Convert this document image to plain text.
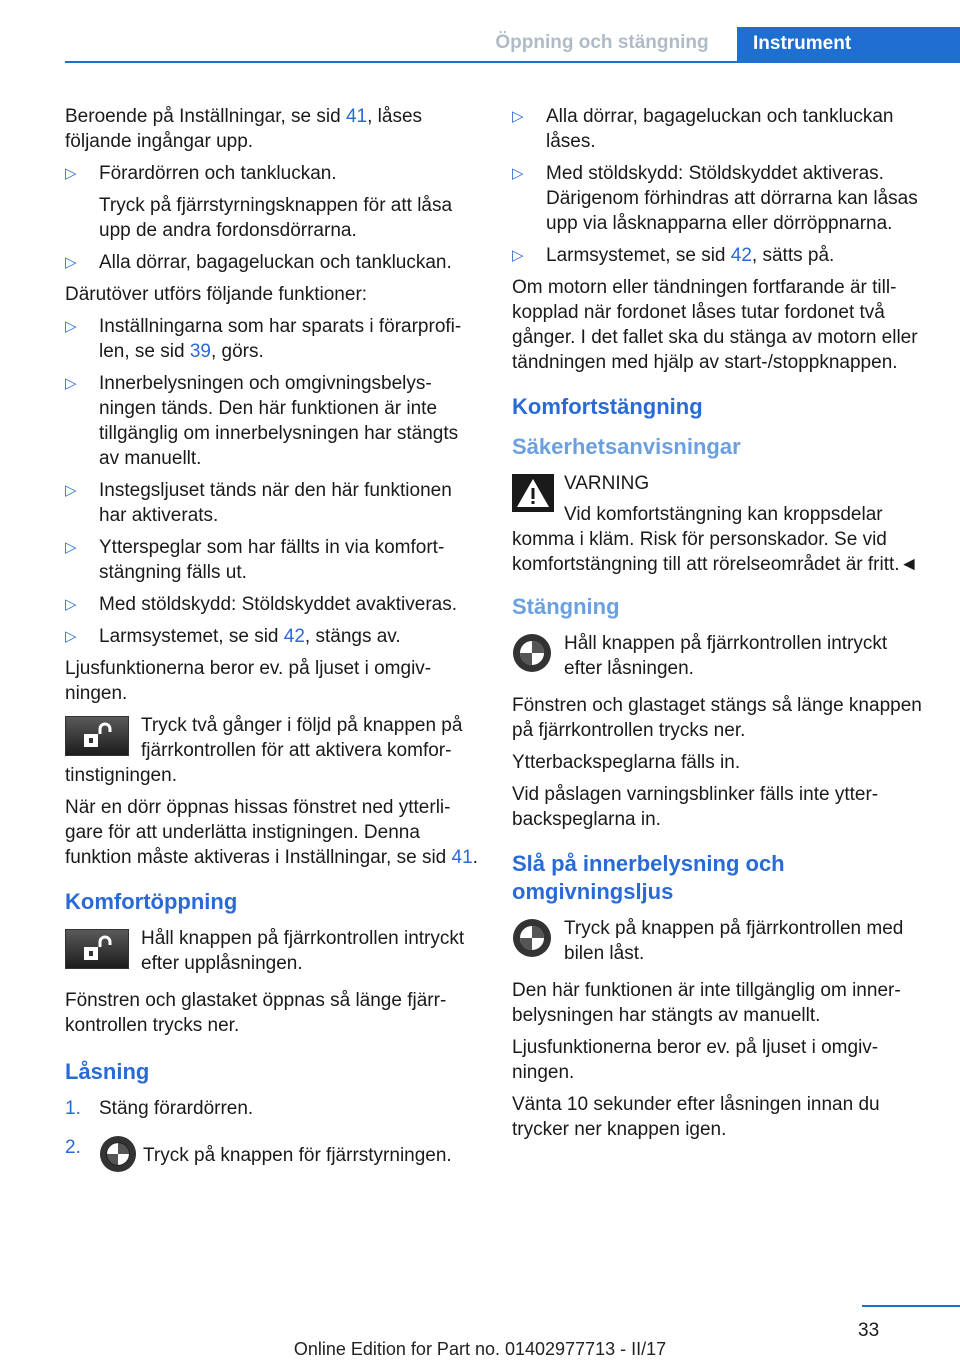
Öppning och stängning	Instrument

Beroende på Inställningar, se sid 41, låses följande ingångar upp.

▷ Förardörren och tankluckan.
Tryck på fjärrstyrningsknappen för att låsa upp de andra fordonsdörrarna.
▷ Alla dörrar, bagageluckan och tankluckan.

Därutöver utförs följande funktioner:

▷ Inställningarna som har sparats i förarprofilen, se sid 39, görs.
▷ Innerbelysningen och omgivningsbelysningen tänds. Den här funktionen är inte tillgänglig om innerbelysningen har stängts av manuellt.
▷ Instegsljuset tänds när den här funktionen har aktiverats.
▷ Ytterspeglar som har fällts in via komfortstängning fälls ut.
▷ Med stöldskydd: Stöldskyddet avaktiveras.
▷ Larmsystemet, se sid 42, stängs av.

Ljusfunktionerna beror ev. på ljuset i omgivningen.

Tryck två gånger i följd på knappen på fjärrkontrollen för att aktivera komfortinstigningen.

När en dörr öppnas hissas fönstret ned ytterligare för att underlätta instigningen. Denna funktion måste aktiveras i Inställningar, se sid 41.

Komfortöppning
Håll knappen på fjärrkontrollen intryckt efter upplåsningen.

Fönstren och glastaket öppnas så länge fjärrkontrollen trycks ner.

Låsning
1. Stäng förardörren.
2.	Tryck på knappen för fjärrstyrningen.
▷ Alla dörrar, bagageluckan och tankluckan låses.
▷ Med stöldskydd: Stöldskyddet aktiveras. Därigenom förhindras att dörrarna kan låsas upp via låsknapparna eller dörröppnarna.
▷ Larmsystemet, se sid 42, sätts på.

Om motorn eller tändningen fortfarande är tillkopplad när fordonet låses tutar fordonet två gånger. I det fallet ska du stänga av motorn eller tändningen med hjälp av start-/stoppknappen.

Komfortstängning
Säkerhetsanvisningar
VARNING
Vid komfortstängning kan kroppsdelar komma i kläm. Risk för personskador. Se vid komfortstängning till att rörelseområdet är fritt.◄
Stängning
Håll knappen på fjärrkontrollen intryckt efter låsningen.

Fönstren och glastaget stängs så länge knappen på fjärrkontrollen trycks ner.

Ytterbackspeglarna fälls in.

Vid påslagen varningsblinker fälls inte ytterbackspeglarna in.

Slå på innerbelysning och omgivningsljus
Tryck på knappen på fjärrkontrollen med bilen låst.

Den här funktionen är inte tillgänglig om innerbelysningen har stängts av manuellt.

Ljusfunktionerna beror ev. på ljuset i omgivningen.

Vänta 10 sekunder efter låsningen innan du trycker ner knappen igen.

33
Online Edition for Part no. 01402977713 - II/17
